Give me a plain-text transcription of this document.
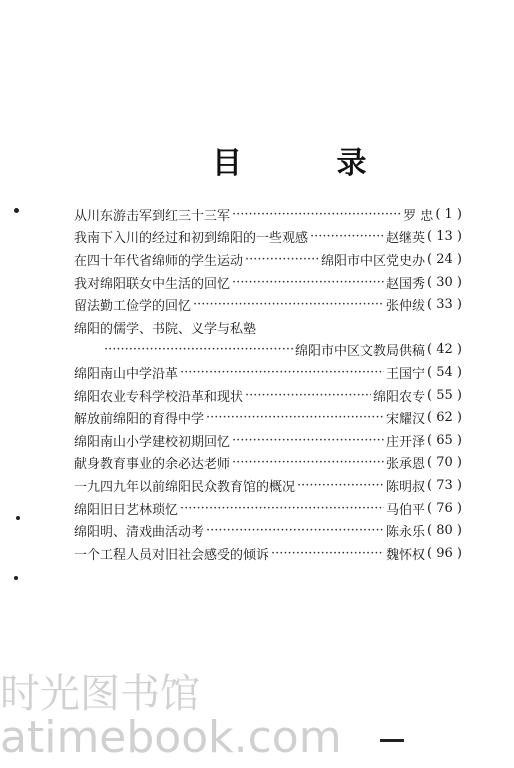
目 录
从川东游击军到红三十三军 ·····	罗 忠 ( 1 )
我南下入川的经过和初到绵阳的一些观感 ·····	赵继英 ( 13 )
在四十年代省绵师的学生运动 ·····	绵阳市中区党史办 ( 24 )
我对绵阳联女中生活的回忆 ·····	赵国秀 ( 30 )
留法勤工俭学的回忆 ·····	张仲绂 ( 33 )
绵阳的儒学、书院、义学与私塾
·····
绵阳市中区文教局供稿 ( 42 )
绵阳南山中学沿革 ·····	王国宁 ( 54 )
绵阳农业专科学校沿革和现状 ·····	绵阳农专 ( 55 )
解放前绵阳的育得中学 ·····	宋耀汉 ( 62 )
绵阳南山小学建校初期回忆 ·····	庄开泽 ( 65 )
献身教育事业的余必达老师 ·····	张承恩 ( 70 )
一九四九年以前绵阳民众教育馆的概况 ·····	陈明叔 ( 73 )
绵阳旧日艺林琐忆 ·····	马伯平 ( 76 )
绵阳明、清戏曲活动考 ·····	陈永乐 ( 80 )
一个工程人员对旧社会感受的倾诉 ·····	魏怀权 ( 96 )
时光图书馆
atimebook.com
